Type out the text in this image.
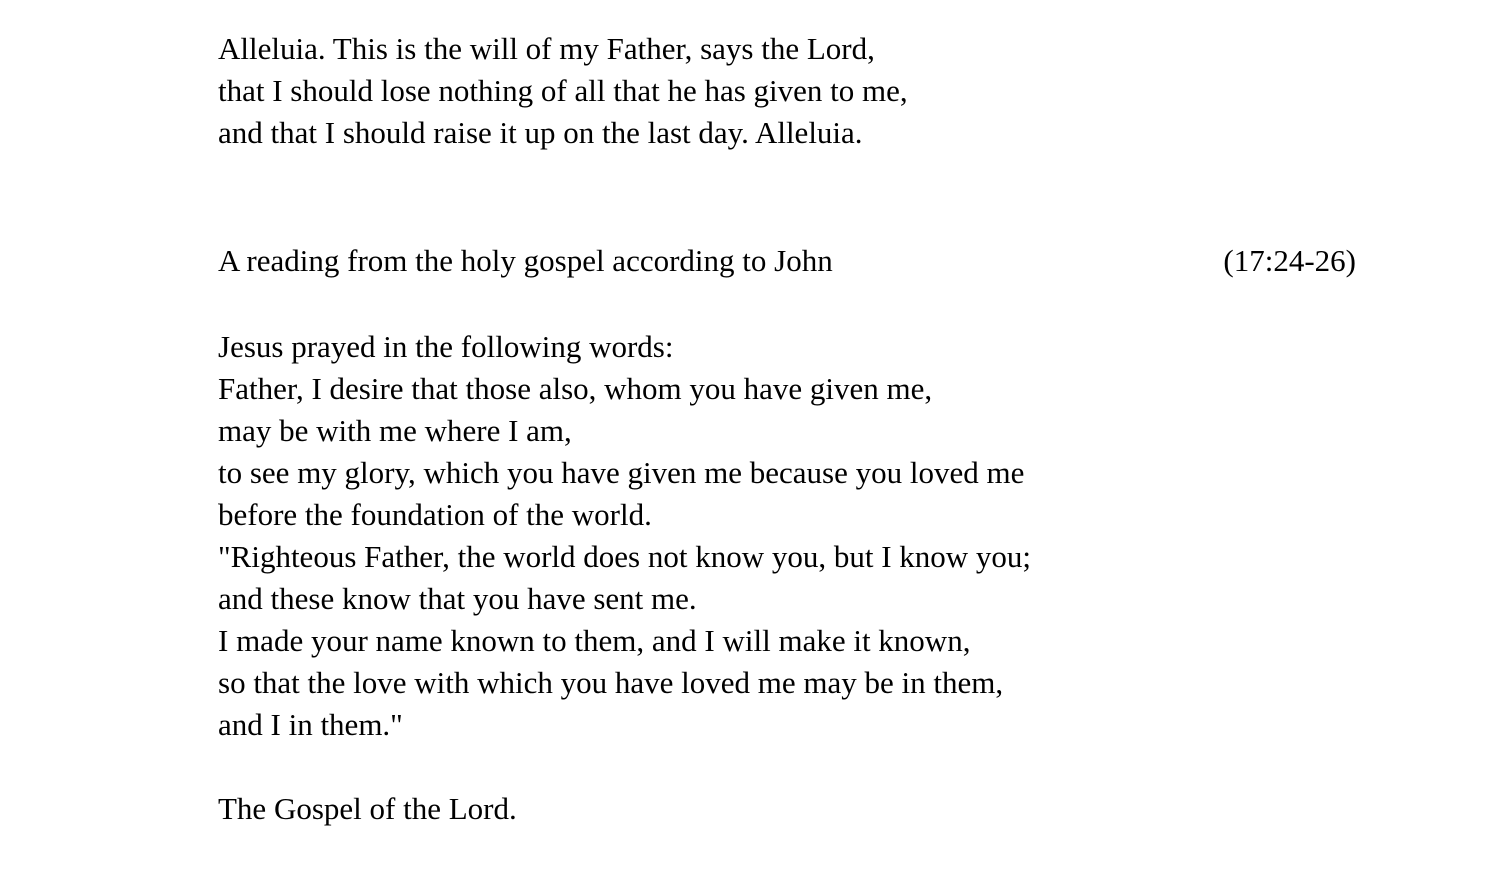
Alleluia. This is the will of my Father, says the Lord,
that I should lose nothing of all that he has given to me,
and that I should raise it up on the last day. Alleluia.
A reading from the holy gospel according to John	(17:24-26)
Jesus prayed in the following words:
Father, I desire that those also, whom you have given me,
may be with me where I am,
to see my glory, which you have given me because you loved me
before the foundation of the world.
"Righteous Father, the world does not know you, but I know you;
and these know that you have sent me.
I made your name known to them, and I will make it known,
so that the love with which you have loved me may be in them,
and I in them."
The Gospel of the Lord.
